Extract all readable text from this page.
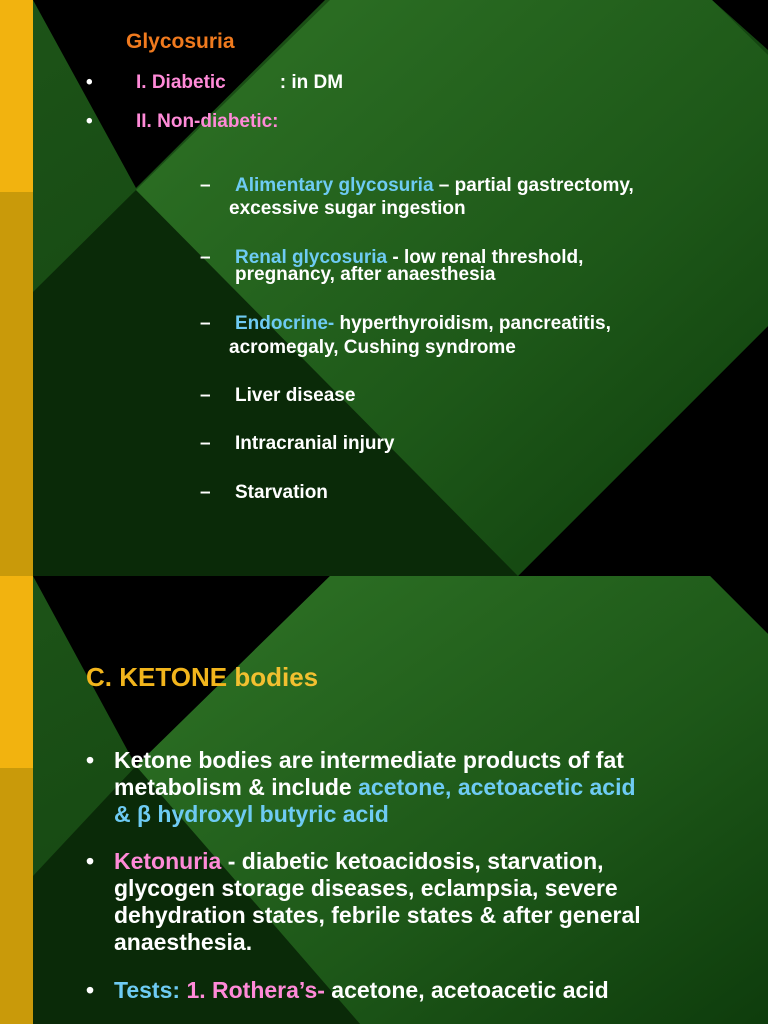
Glycosuria
• I. Diabetic	: in DM
• II. Non-diabetic:
– Alimentary glycosuria – partial gastrectomy,
excessive sugar ingestion
– Renal glycosuria - low renal threshold,
pregnancy, after anaesthesia
– Endocrine- hyperthyroidism, pancreatitis,
acromegaly, Cushing syndrome
– Liver disease
– Intracranial injury
– Starvation
C. KETONE bodies
• Ketone bodies are intermediate products of fat
metabolism & include acetone, acetoacetic acid
& β hydroxyl butyric acid
• Ketonuria - diabetic ketoacidosis, starvation,
glycogen storage diseases, eclampsia, severe
dehydration states, febrile states & after general
anaesthesia.
• Tests: 1. Rothera’s- acetone, acetoacetic acid
